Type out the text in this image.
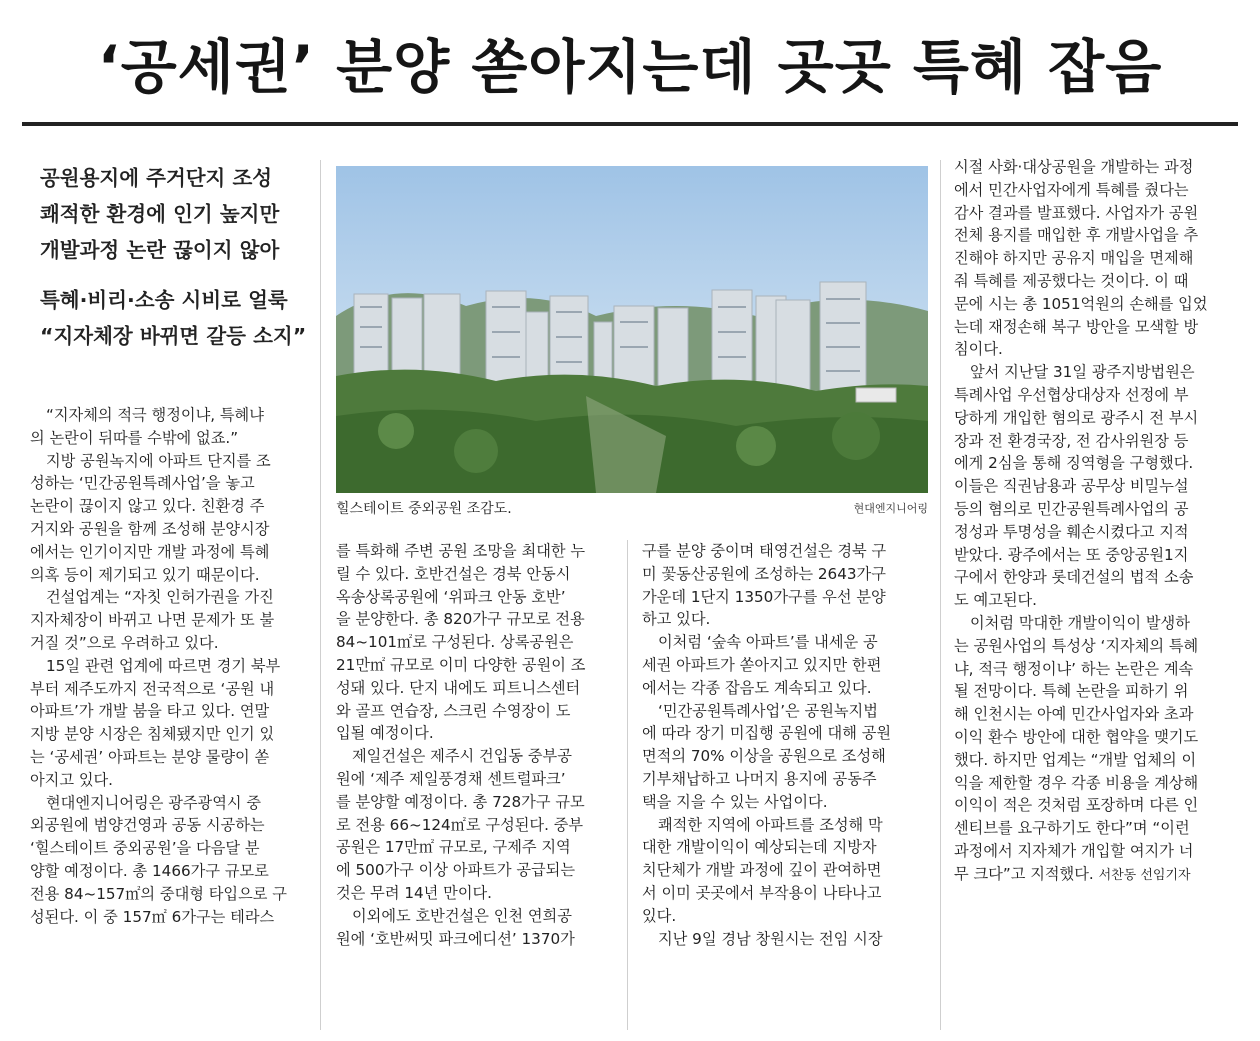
‘공세권’ 분양 쏟아지는데 곳곳 특혜 잡음
공원용지에 주거단지 조성
쾌적한 환경에 인기 높지만
개발과정 논란 끊이지 않아
특혜·비리·소송 시비로 얼룩
“지자체장 바뀌면 갈등 소지”
힐스테이트 중외공원 조감도.	현대엔지니어링
“지자체의 적극 행정이냐, 특혜냐
의 논란이 뒤따를 수밖에 없죠.”
지방 공원녹지에 아파트 단지를 조
성하는 ‘민간공원특례사업’을 놓고
논란이 끊이지 않고 있다. 친환경 주
거지와 공원을 함께 조성해 분양시장
에서는 인기이지만 개발 과정에 특혜
의혹 등이 제기되고 있기 때문이다.
건설업계는 “자칫 인허가권을 가진
지자체장이 바뀌고 나면 문제가 또 불
거질 것”으로 우려하고 있다.
15일 관련 업계에 따르면 경기 북부
부터 제주도까지 전국적으로 ‘공원 내
아파트’가 개발 붐을 타고 있다. 연말
지방 분양 시장은 침체됐지만 인기 있
는 ‘공세권’ 아파트는 분양 물량이 쏟
아지고 있다.
현대엔지니어링은 광주광역시 중
외공원에 범양건영과 공동 시공하는
‘힐스테이트 중외공원’을 다음달 분
양할 예정이다. 총 1466가구 규모로
전용 84~157㎡의 중대형 타입으로 구
성된다. 이 중 157㎡ 6가구는 테라스
를 특화해 주변 공원 조망을 최대한 누
릴 수 있다. 호반건설은 경북 안동시
옥송상록공원에 ‘위파크 안동 호반’
을 분양한다. 총 820가구 규모로 전용
84~101㎡로 구성된다. 상록공원은
21만㎡ 규모로 이미 다양한 공원이 조
성돼 있다. 단지 내에도 피트니스센터
와 골프 연습장, 스크린 수영장이 도
입될 예정이다.
제일건설은 제주시 건입동 중부공
원에 ‘제주 제일풍경채 센트럴파크’
를 분양할 예정이다. 총 728가구 규모
로 전용 66~124㎡로 구성된다. 중부
공원은 17만㎡ 규모로, 구제주 지역
에 500가구 이상 아파트가 공급되는
것은 무려 14년 만이다.
이외에도 호반건설은 인천 연희공
원에 ‘호반써밋 파크에디션’ 1370가
구를 분양 중이며 태영건설은 경북 구
미 꽃동산공원에 조성하는 2643가구
가운데 1단지 1350가구를 우선 분양
하고 있다.
이처럼 ‘숲속 아파트’를 내세운 공
세권 아파트가 쏟아지고 있지만 한편
에서는 각종 잡음도 계속되고 있다.
‘민간공원특례사업’은 공원녹지법
에 따라 장기 미집행 공원에 대해 공원
면적의 70% 이상을 공원으로 조성해
기부채납하고 나머지 용지에 공동주
택을 지을 수 있는 사업이다.
쾌적한 지역에 아파트를 조성해 막
대한 개발이익이 예상되는데 지방자
치단체가 개발 과정에 깊이 관여하면
서 이미 곳곳에서 부작용이 나타나고
있다.
지난 9일 경남 창원시는 전임 시장
시절 사화·대상공원을 개발하는 과정
에서 민간사업자에게 특혜를 줬다는
감사 결과를 발표했다. 사업자가 공원
전체 용지를 매입한 후 개발사업을 추
진해야 하지만 공유지 매입을 면제해
줘 특혜를 제공했다는 것이다. 이 때
문에 시는 총 1051억원의 손해를 입었
는데 재정손해 복구 방안을 모색할 방
침이다.
앞서 지난달 31일 광주지방법원은
특례사업 우선협상대상자 선정에 부
당하게 개입한 혐의로 광주시 전 부시
장과 전 환경국장, 전 감사위원장 등
에게 2심을 통해 징역형을 구형했다.
이들은 직권남용과 공무상 비밀누설
등의 혐의로 민간공원특례사업의 공
정성과 투명성을 훼손시켰다고 지적
받았다. 광주에서는 또 중앙공원1지
구에서 한양과 롯데건설의 법적 소송
도 예고된다.
이처럼 막대한 개발이익이 발생하
는 공원사업의 특성상 ‘지자체의 특혜
냐, 적극 행정이냐’ 하는 논란은 계속
될 전망이다. 특혜 논란을 피하기 위
해 인천시는 아예 민간사업자와 초과
이익 환수 방안에 대한 협약을 맺기도
했다. 하지만 업계는 “개발 업체의 이
익을 제한할 경우 각종 비용을 계상해
이익이 적은 것처럼 포장하며 다른 인
센티브를 요구하기도 한다”며 “이런
과정에서 지자체가 개입할 여지가 너
무 크다”고 지적했다. 서찬동 선임기자
